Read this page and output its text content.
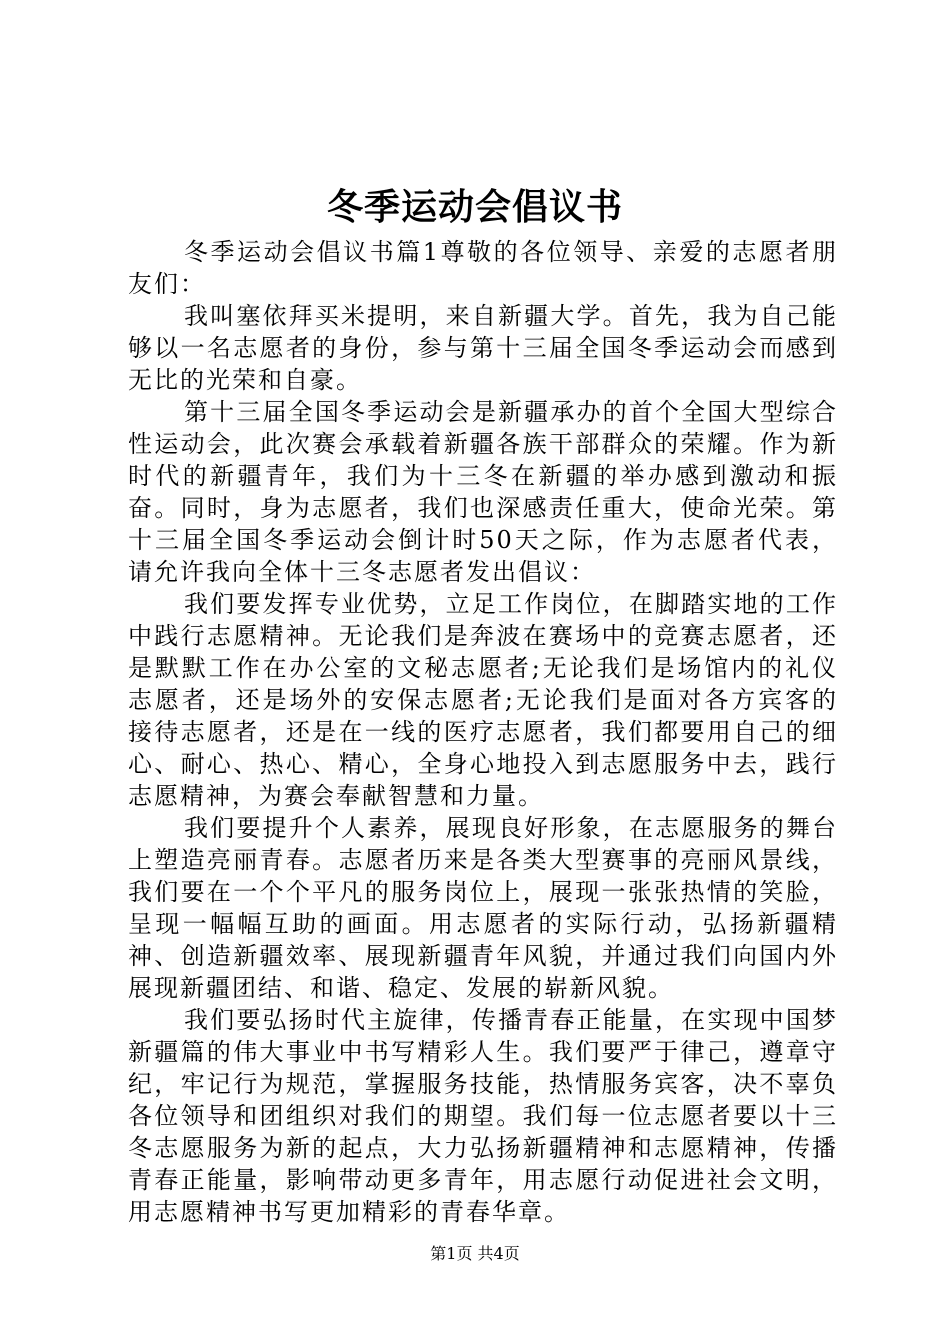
冬季运动会倡议书

冬季运动会倡议书篇1尊敬的各位领导、亲爱的志愿者朋友们：

我叫塞依拜买米提明，来自新疆大学。首先，我为自己能够以一名志愿者的身份，参与第十三届全国冬季运动会而感到无比的光荣和自豪。

第十三届全国冬季运动会是新疆承办的首个全国大型综合性运动会，此次赛会承载着新疆各族干部群众的荣耀。作为新时代的新疆青年，我们为十三冬在新疆的举办感到激动和振奋。同时，身为志愿者，我们也深感责任重大，使命光荣。第十三届全国冬季运动会倒计时50天之际，作为志愿者代表，请允许我向全体十三冬志愿者发出倡议：

我们要发挥专业优势，立足工作岗位，在脚踏实地的工作中践行志愿精神。无论我们是奔波在赛场中的竞赛志愿者，还是默默工作在办公室的文秘志愿者;无论我们是场馆内的礼仪志愿者，还是场外的安保志愿者;无论我们是面对各方宾客的接待志愿者，还是在一线的医疗志愿者，我们都要用自己的细心、耐心、热心、精心，全身心地投入到志愿服务中去，践行志愿精神，为赛会奉献智慧和力量。

我们要提升个人素养，展现良好形象，在志愿服务的舞台上塑造亮丽青春。志愿者历来是各类大型赛事的亮丽风景线，我们要在一个个平凡的服务岗位上，展现一张张热情的笑脸，呈现一幅幅互助的画面。用志愿者的实际行动，弘扬新疆精神、创造新疆效率、展现新疆青年风貌，并通过我们向国内外展现新疆团结、和谐、稳定、发展的崭新风貌。

我们要弘扬时代主旋律，传播青春正能量，在实现中国梦新疆篇的伟大事业中书写精彩人生。我们要严于律己，遵章守纪，牢记行为规范，掌握服务技能，热情服务宾客，决不辜负各位领导和团组织对我们的期望。我们每一位志愿者要以十三冬志愿服务为新的起点，大力弘扬新疆精神和志愿精神，传播青春正能量，影响带动更多青年，用志愿行动促进社会文明，用志愿精神书写更加精彩的青春华章。

第1页 共4页
